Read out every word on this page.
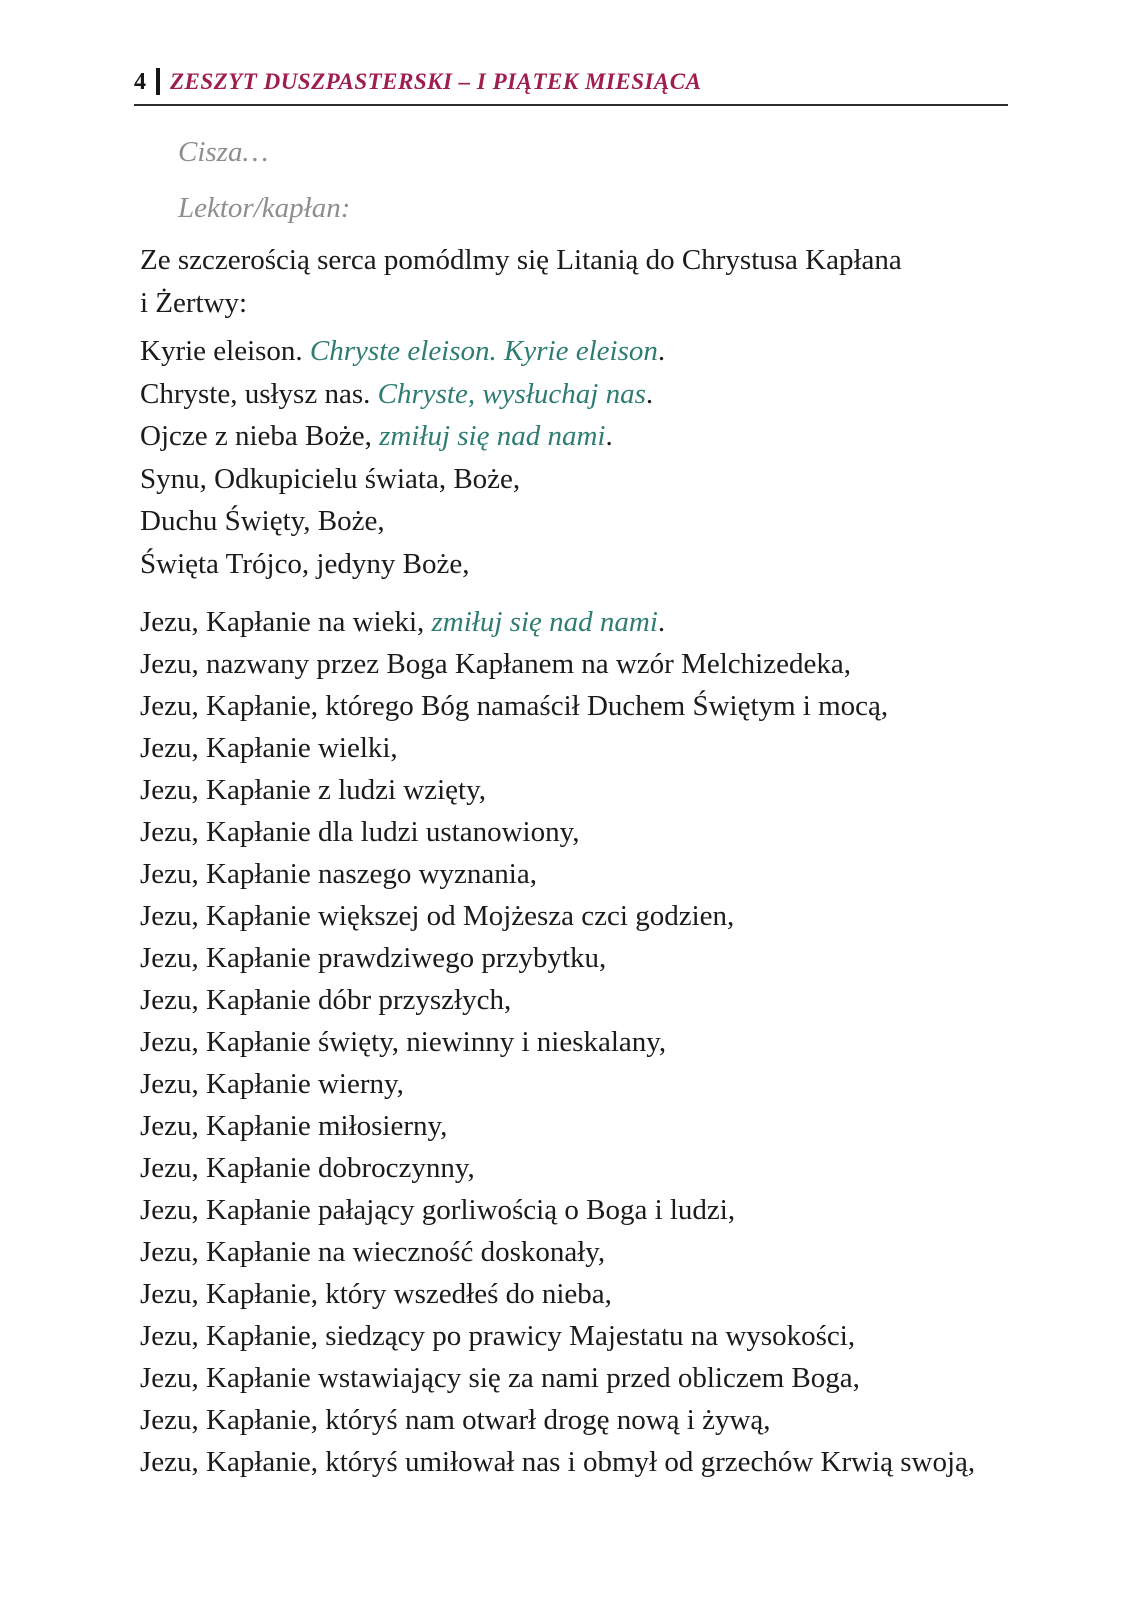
4 ZESZYT DUSZPASTERSKI – I PIĄTEK MIESIĄCA
Cisza…
Lektor/kapłan:
Ze szczerością serca pomódlmy się Litanią do Chrystusa Kapłana
i Żertwy:
Kyrie eleison. Chryste eleison. Kyrie eleison.
Chryste, usłysz nas. Chryste, wysłuchaj nas.
Ojcze z nieba Boże, zmiłuj się nad nami.
Synu, Odkupicielu świata, Boże,
Duchu Święty, Boże,
Święta Trójco, jedyny Boże,
Jezu, Kapłanie na wieki, zmiłuj się nad nami.
Jezu, nazwany przez Boga Kapłanem na wzór Melchizedeka,
Jezu, Kapłanie, którego Bóg namaścił Duchem Świętym i mocą,
Jezu, Kapłanie wielki,
Jezu, Kapłanie z ludzi wzięty,
Jezu, Kapłanie dla ludzi ustanowiony,
Jezu, Kapłanie naszego wyznania,
Jezu, Kapłanie większej od Mojżesza czci godzien,
Jezu, Kapłanie prawdziwego przybytku,
Jezu, Kapłanie dóbr przyszłych,
Jezu, Kapłanie święty, niewinny i nieskalany,
Jezu, Kapłanie wierny,
Jezu, Kapłanie miłosierny,
Jezu, Kapłanie dobroczynny,
Jezu, Kapłanie pałający gorliwością o Boga i ludzi,
Jezu, Kapłanie na wieczność doskonały,
Jezu, Kapłanie, który wszedłeś do nieba,
Jezu, Kapłanie, siedzący po prawicy Majestatu na wysokości,
Jezu, Kapłanie wstawiający się za nami przed obliczem Boga,
Jezu, Kapłanie, któryś nam otwarł drogę nową i żywą,
Jezu, Kapłanie, któryś umiłował nas i obmył od grzechów Krwią swoją,
